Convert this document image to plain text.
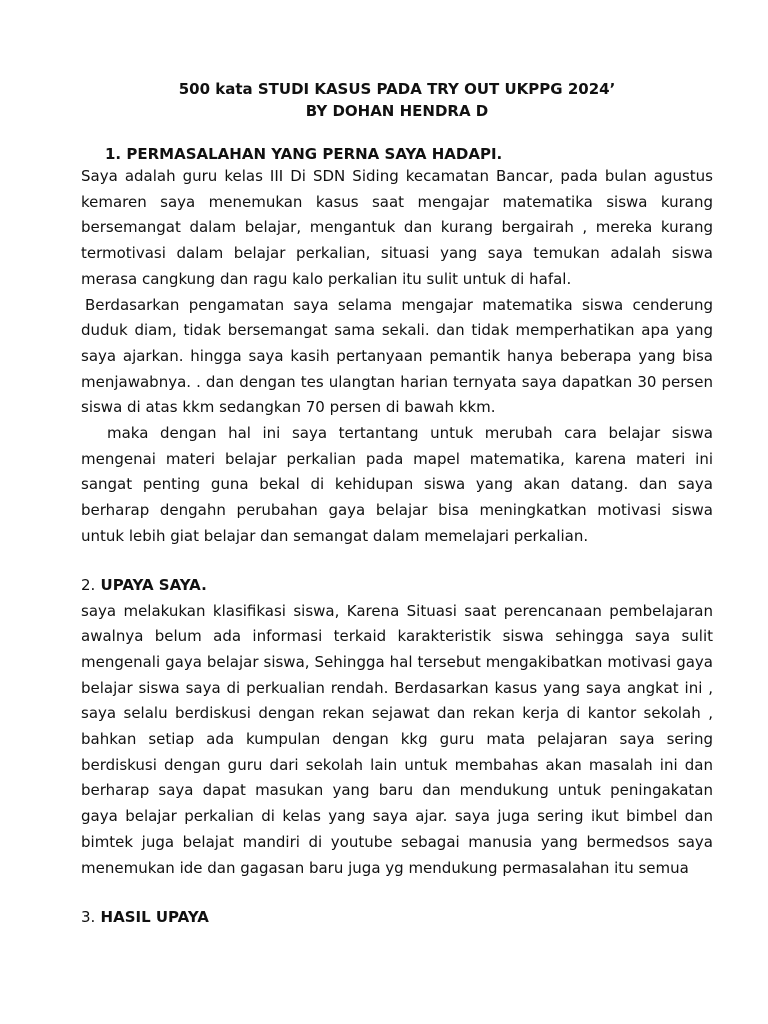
500 kata STUDI KASUS PADA TRY OUT UKPPG 2024’
BY DOHAN HENDRA D

1. PERMASALAHAN YANG PERNA SAYA HADAPI.

Saya adalah guru kelas III Di SDN Siding kecamatan Bancar, pada bulan agustus kemaren saya menemukan kasus saat mengajar matematika siswa kurang bersemangat dalam belajar, mengantuk dan kurang bergairah , mereka kurang termotivasi dalam belajar perkalian, situasi yang saya temukan adalah siswa merasa cangkung dan ragu kalo perkalian itu sulit untuk di hafal.

Berdasarkan pengamatan saya selama mengajar matematika siswa cenderung duduk diam, tidak bersemangat sama sekali. dan tidak memperhatikan apa yang saya ajarkan. hingga saya kasih pertanyaan pemantik hanya beberapa yang bisa menjawabnya. . dan dengan tes ulangtan harian ternyata saya dapatkan 30 persen siswa di atas kkm sedangkan 70 persen di bawah kkm.

maka dengan hal ini saya tertantang untuk merubah cara belajar siswa mengenai materi belajar perkalian pada mapel matematika, karena materi ini sangat penting guna bekal di kehidupan siswa yang akan datang. dan saya berharap dengahn perubahan gaya belajar bisa meningkatkan motivasi siswa untuk lebih giat belajar dan semangat dalam memelajari perkalian.

2. UPAYA SAYA.

saya melakukan klasifikasi siswa, Karena Situasi saat perencanaan pembelajaran awalnya belum ada informasi terkaid karakteristik siswa sehingga saya sulit mengenali gaya belajar siswa, Sehingga hal tersebut mengakibatkan motivasi gaya belajar siswa saya di perkualian rendah. Berdasarkan kasus yang saya angkat ini , saya selalu berdiskusi dengan rekan sejawat dan rekan kerja di kantor sekolah , bahkan setiap ada kumpulan dengan kkg guru mata pelajaran saya sering berdiskusi dengan guru dari sekolah lain untuk membahas akan masalah ini dan berharap saya dapat masukan yang baru dan mendukung untuk peningakatan gaya belajar perkalian di kelas yang saya ajar. saya juga sering ikut bimbel dan bimtek juga belajat mandiri di youtube sebagai manusia yang bermedsos saya menemukan ide dan gagasan baru juga yg mendukung permasalahan itu semua

3. HASIL UPAYA
